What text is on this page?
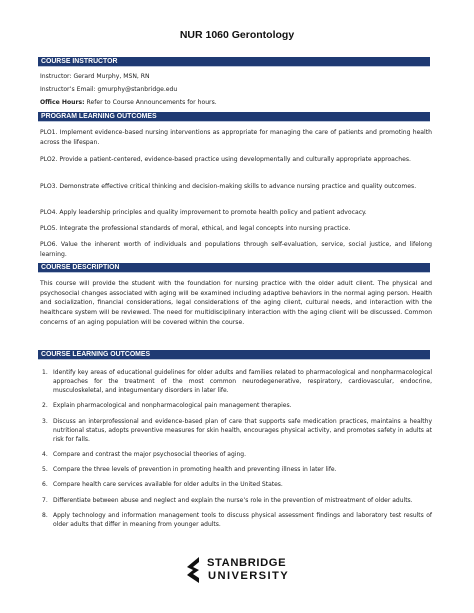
NUR 1060 Gerontology
COURSE INSTRUCTOR
Instructor: Gerard Murphy, MSN, RN
Instructor’s Email: gmurphy@stanbridge.edu
Office Hours: Refer to Course Announcements for hours.
PROGRAM LEARNING OUTCOMES
PLO1. Implement evidence-based nursing interventions as appropriate for managing the care of patients and promoting health across the lifespan.
PLO2. Provide a patient-centered, evidence-based practice using developmentally and culturally appropriate approaches.
PLO3. Demonstrate effective critical thinking and decision-making skills to advance nursing practice and quality outcomes.
PLO4. Apply leadership principles and quality improvement to promote health policy and patient advocacy.
PLO5. Integrate the professional standards of moral, ethical, and legal concepts into nursing practice.
PLO6. Value the inherent worth of individuals and populations through self-evaluation, service, social justice, and lifelong learning.
COURSE DESCRIPTION
This course will provide the student with the foundation for nursing practice with the older adult client. The physical and psychosocial changes associated with aging will be examined including adaptive behaviors in the normal aging person. Health and socialization, financial considerations, legal considerations of the aging client, cultural needs, and interaction with the healthcare system will be reviewed. The need for multidisciplinary interaction with the aging client will be discussed. Common concerns of an aging population will be covered within the course.
COURSE LEARNING OUTCOMES
1. Identify key areas of educational guidelines for older adults and families related to pharmacological and nonpharmacological approaches for the treatment of the most common neurodegenerative, respiratory, cardiovascular, endocrine, musculoskeletal, and integumentary disorders in later life.
2. Explain pharmacological and nonpharmacological pain management therapies.
3. Discuss an interprofessional and evidence-based plan of care that supports safe medication practices, maintains a healthy nutritional status, adopts preventive measures for skin health, encourages physical activity, and promotes safety in adults at risk for falls.
4. Compare and contrast the major psychosocial theories of aging.
5. Compare the three levels of prevention in promoting health and preventing illness in later life.
6. Compare health care services available for older adults in the United States.
7. Differentiate between abuse and neglect and explain the nurse’s role in the prevention of mistreatment of older adults.
8. Apply technology and information management tools to discuss physical assessment findings and laboratory test results of older adults that differ in meaning from younger adults.
STANBRIDGE
UNIVERSITY
